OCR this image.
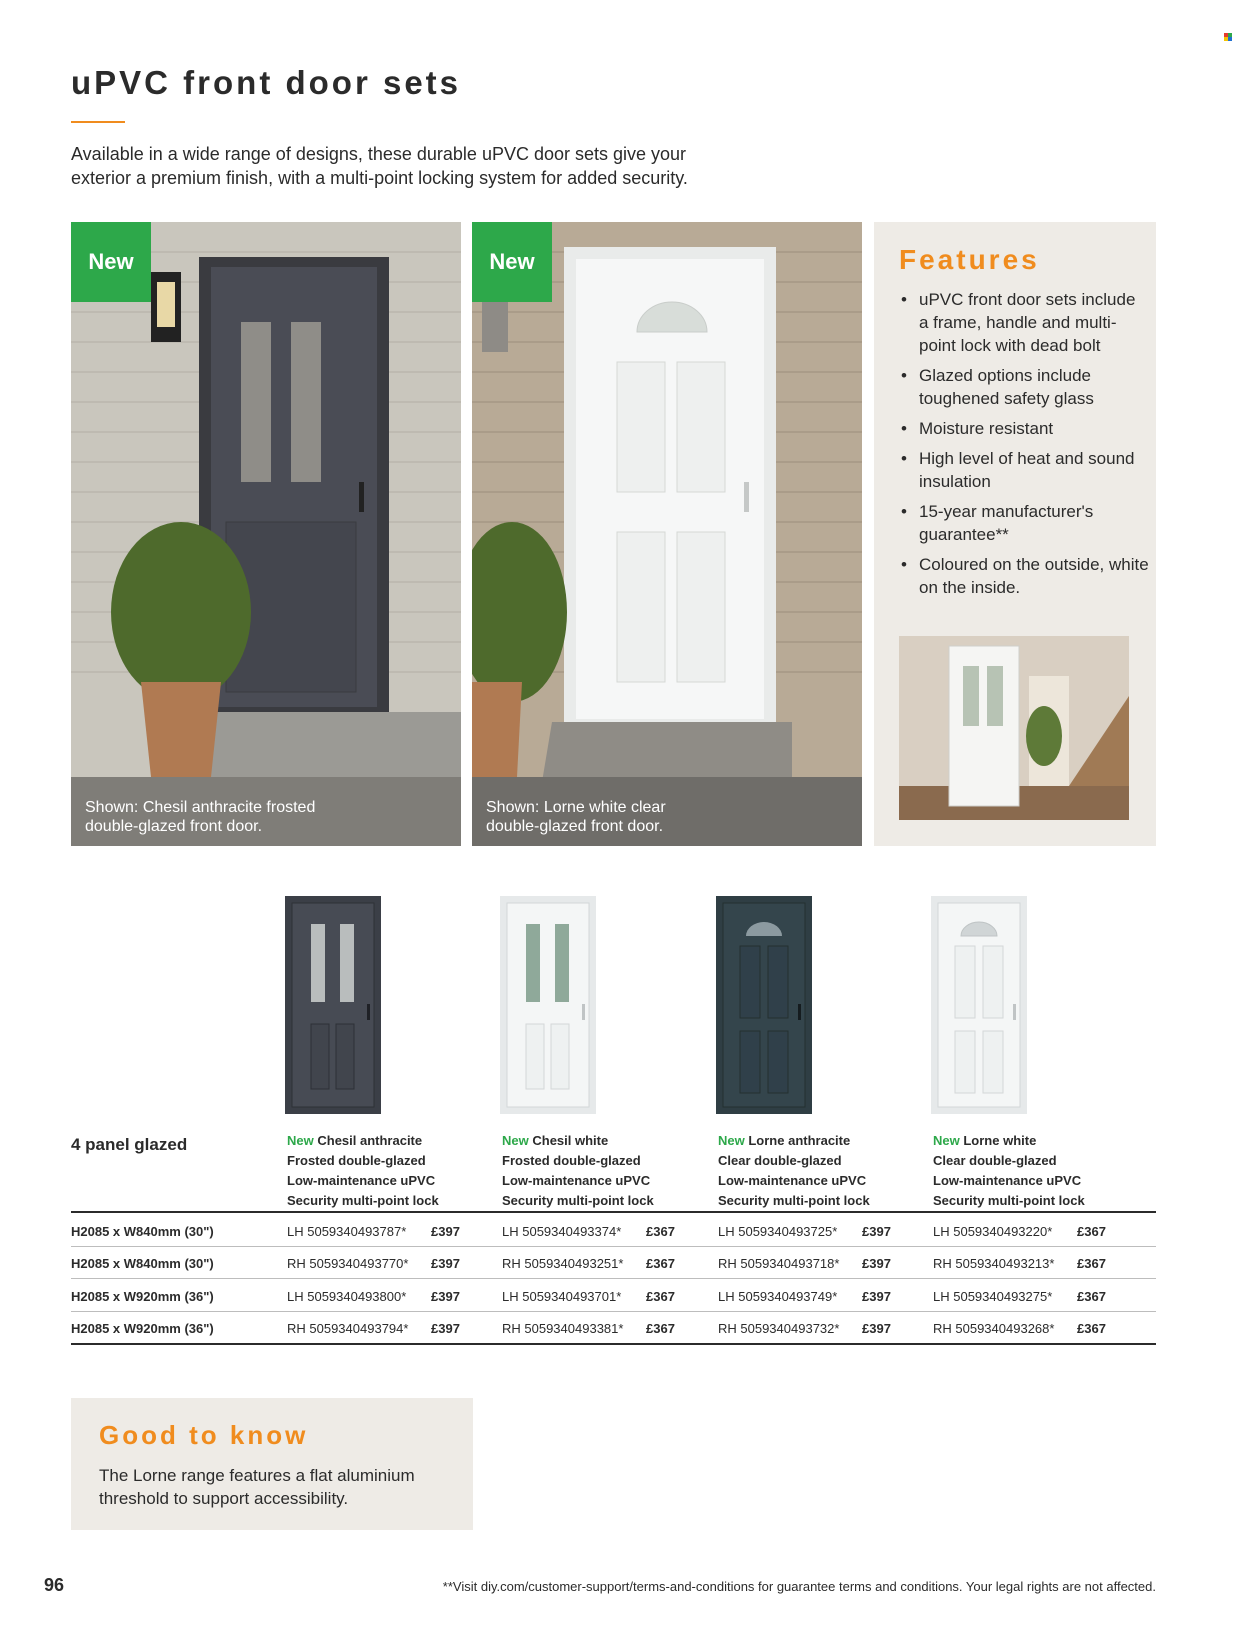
uPVC front door sets

Available in a wide range of designs, these durable uPVC door sets give your
exterior a premium finish, with a multi-point locking system for added security.

New
Shown: Chesil anthracite frosted
double-glazed front door.
New
Shown: Lorne white clear
double-glazed front door.
Features
• uPVC front door sets include a frame, handle and multi-point lock with dead bolt
• Glazed options include toughened safety glass
• Moisture resistant
• High level of heat and sound insulation
• 15-year manufacturer's guarantee**
• Coloured on the outside, white on the inside.
4 panel glazed	New Chesil anthracite
Frosted double-glazed
Low-maintenance uPVC
Security multi-point lock
New Chesil white
Frosted double-glazed
Low-maintenance uPVC
Security multi-point lock
New Lorne anthracite
Clear double-glazed
Low-maintenance uPVC
Security multi-point lock
New Lorne white
Clear double-glazed
Low-maintenance uPVC
Security multi-point lock
H2085 x W840mm (30")	LH 5059340493787* £397	LH 5059340493374* £367	LH 5059340493725* £397	LH 5059340493220* £367
H2085 x W840mm (30")	RH 5059340493770* £397	RH 5059340493251* £367	RH 5059340493718* £397	RH 5059340493213* £367
H2085 x W920mm (36")	LH 5059340493800* £397	LH 5059340493701* £367	LH 5059340493749* £397	LH 5059340493275* £367
H2085 x W920mm (36")	RH 5059340493794* £397	RH 5059340493381* £367	RH 5059340493732* £397	RH 5059340493268* £367
Good to know

The Lorne range features a flat aluminium
threshold to support accessibility.

96	**Visit diy.com/customer-support/terms-and-conditions for guarantee terms and conditions. Your legal rights are not affected.
